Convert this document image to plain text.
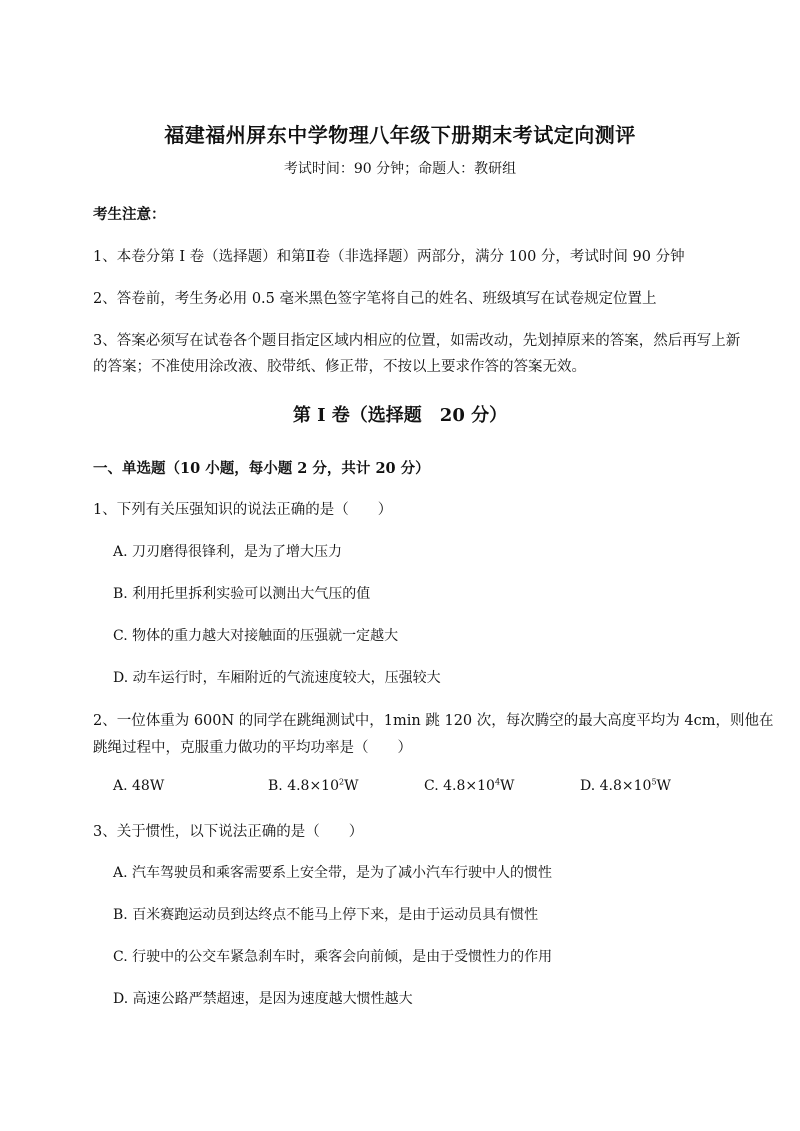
福建福州屏东中学物理八年级下册期末考试定向测评
考试时间：90 分钟；命题人：教研组
考生注意：
1、本卷分第 I 卷（选择题）和第Ⅱ卷（非选择题）两部分，满分 100 分，考试时间 90 分钟
2、答卷前，考生务必用 0.5 毫米黑色签字笔将自己的姓名、班级填写在试卷规定位置上
3、答案必须写在试卷各个题目指定区域内相应的位置，如需改动，先划掉原来的答案，然后再写上新
的答案；不准使用涂改液、胶带纸、修正带，不按以上要求作答的答案无效。
第 I 卷（选择题　20 分）
一、单选题（10 小题，每小题 2 分，共计 20 分）
1、下列有关压强知识的说法正确的是（　　）
A. 刀刃磨得很锋利，是为了增大压力
B. 利用托里拆利实验可以测出大气压的值
C. 物体的重力越大对接触面的压强就一定越大
D. 动车运行时，车厢附近的气流速度较大，压强较大
2、一位体重为 600N 的同学在跳绳测试中，1min 跳 120 次，每次腾空的最大高度平均为 4cm，则他在
跳绳过程中，克服重力做功的平均功率是（　　）
A. 48W	B. $4.8\times 10^2W$	C. $4.8\times 10^4W$	D. $4.8\times 10^5W$
3、关于惯性，以下说法正确的是（　　）
A. 汽车驾驶员和乘客需要系上安全带，是为了减小汽车行驶中人的惯性
B. 百米赛跑运动员到达终点不能马上停下来，是由于运动员具有惯性
C. 行驶中的公交车紧急刹车时，乘客会向前倾，是由于受惯性力的作用
D. 高速公路严禁超速，是因为速度越大惯性越大
